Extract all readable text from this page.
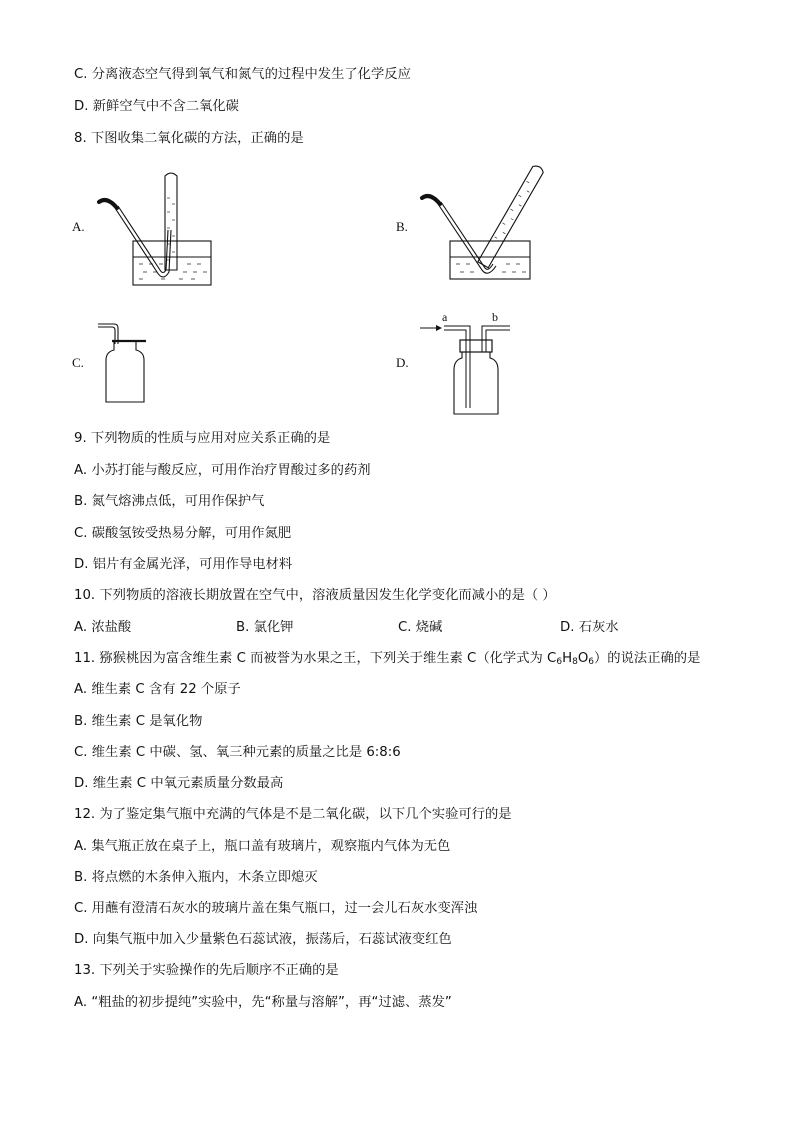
C. 分离液态空气得到氧气和氮气的过程中发生了化学反应
D. 新鲜空气中不含二氧化碳
8. 下图收集二氧化碳的方法，正确的是
A.	B.
C.	D.
a	b
9. 下列物质的性质与应用对应关系正确的是
A. 小苏打能与酸反应，可用作治疗胃酸过多的药剂
B. 氮气熔沸点低，可用作保护气
C. 碳酸氢铵受热易分解，可用作氮肥
D. 铝片有金属光泽，可用作导电材料
10. 下列物质的溶液长期放置在空气中，溶液质量因发生化学变化而减小的是（ ）
A. 浓盐酸	B. 氯化钾	C. 烧碱	D. 石灰水
11. 猕猴桃因为富含维生素 C 而被誉为水果之王，下列关于维生素 C（化学式为 $C_6H_8O_6$）的说法正确的是
A. 维生素 C 含有 22 个原子
B. 维生素 C 是氧化物
C. 维生素 C 中碳、氢、氧三种元素的质量之比是 6:8:6
D. 维生素 C 中氧元素质量分数最高
12. 为了鉴定集气瓶中充满的气体是不是二氧化碳，以下几个实验可行的是
A. 集气瓶正放在桌子上，瓶口盖有玻璃片，观察瓶内气体为无色
B. 将点燃的木条伸入瓶内，木条立即熄灭
C. 用蘸有澄清石灰水的玻璃片盖在集气瓶口，过一会儿石灰水变浑浊
D. 向集气瓶中加入少量紫色石蕊试液，振荡后，石蕊试液变红色
13. 下列关于实验操作的先后顺序不正确的是
A. “粗盐的初步提纯”实验中，先“称量与溶解”，再“过滤、蒸发”
